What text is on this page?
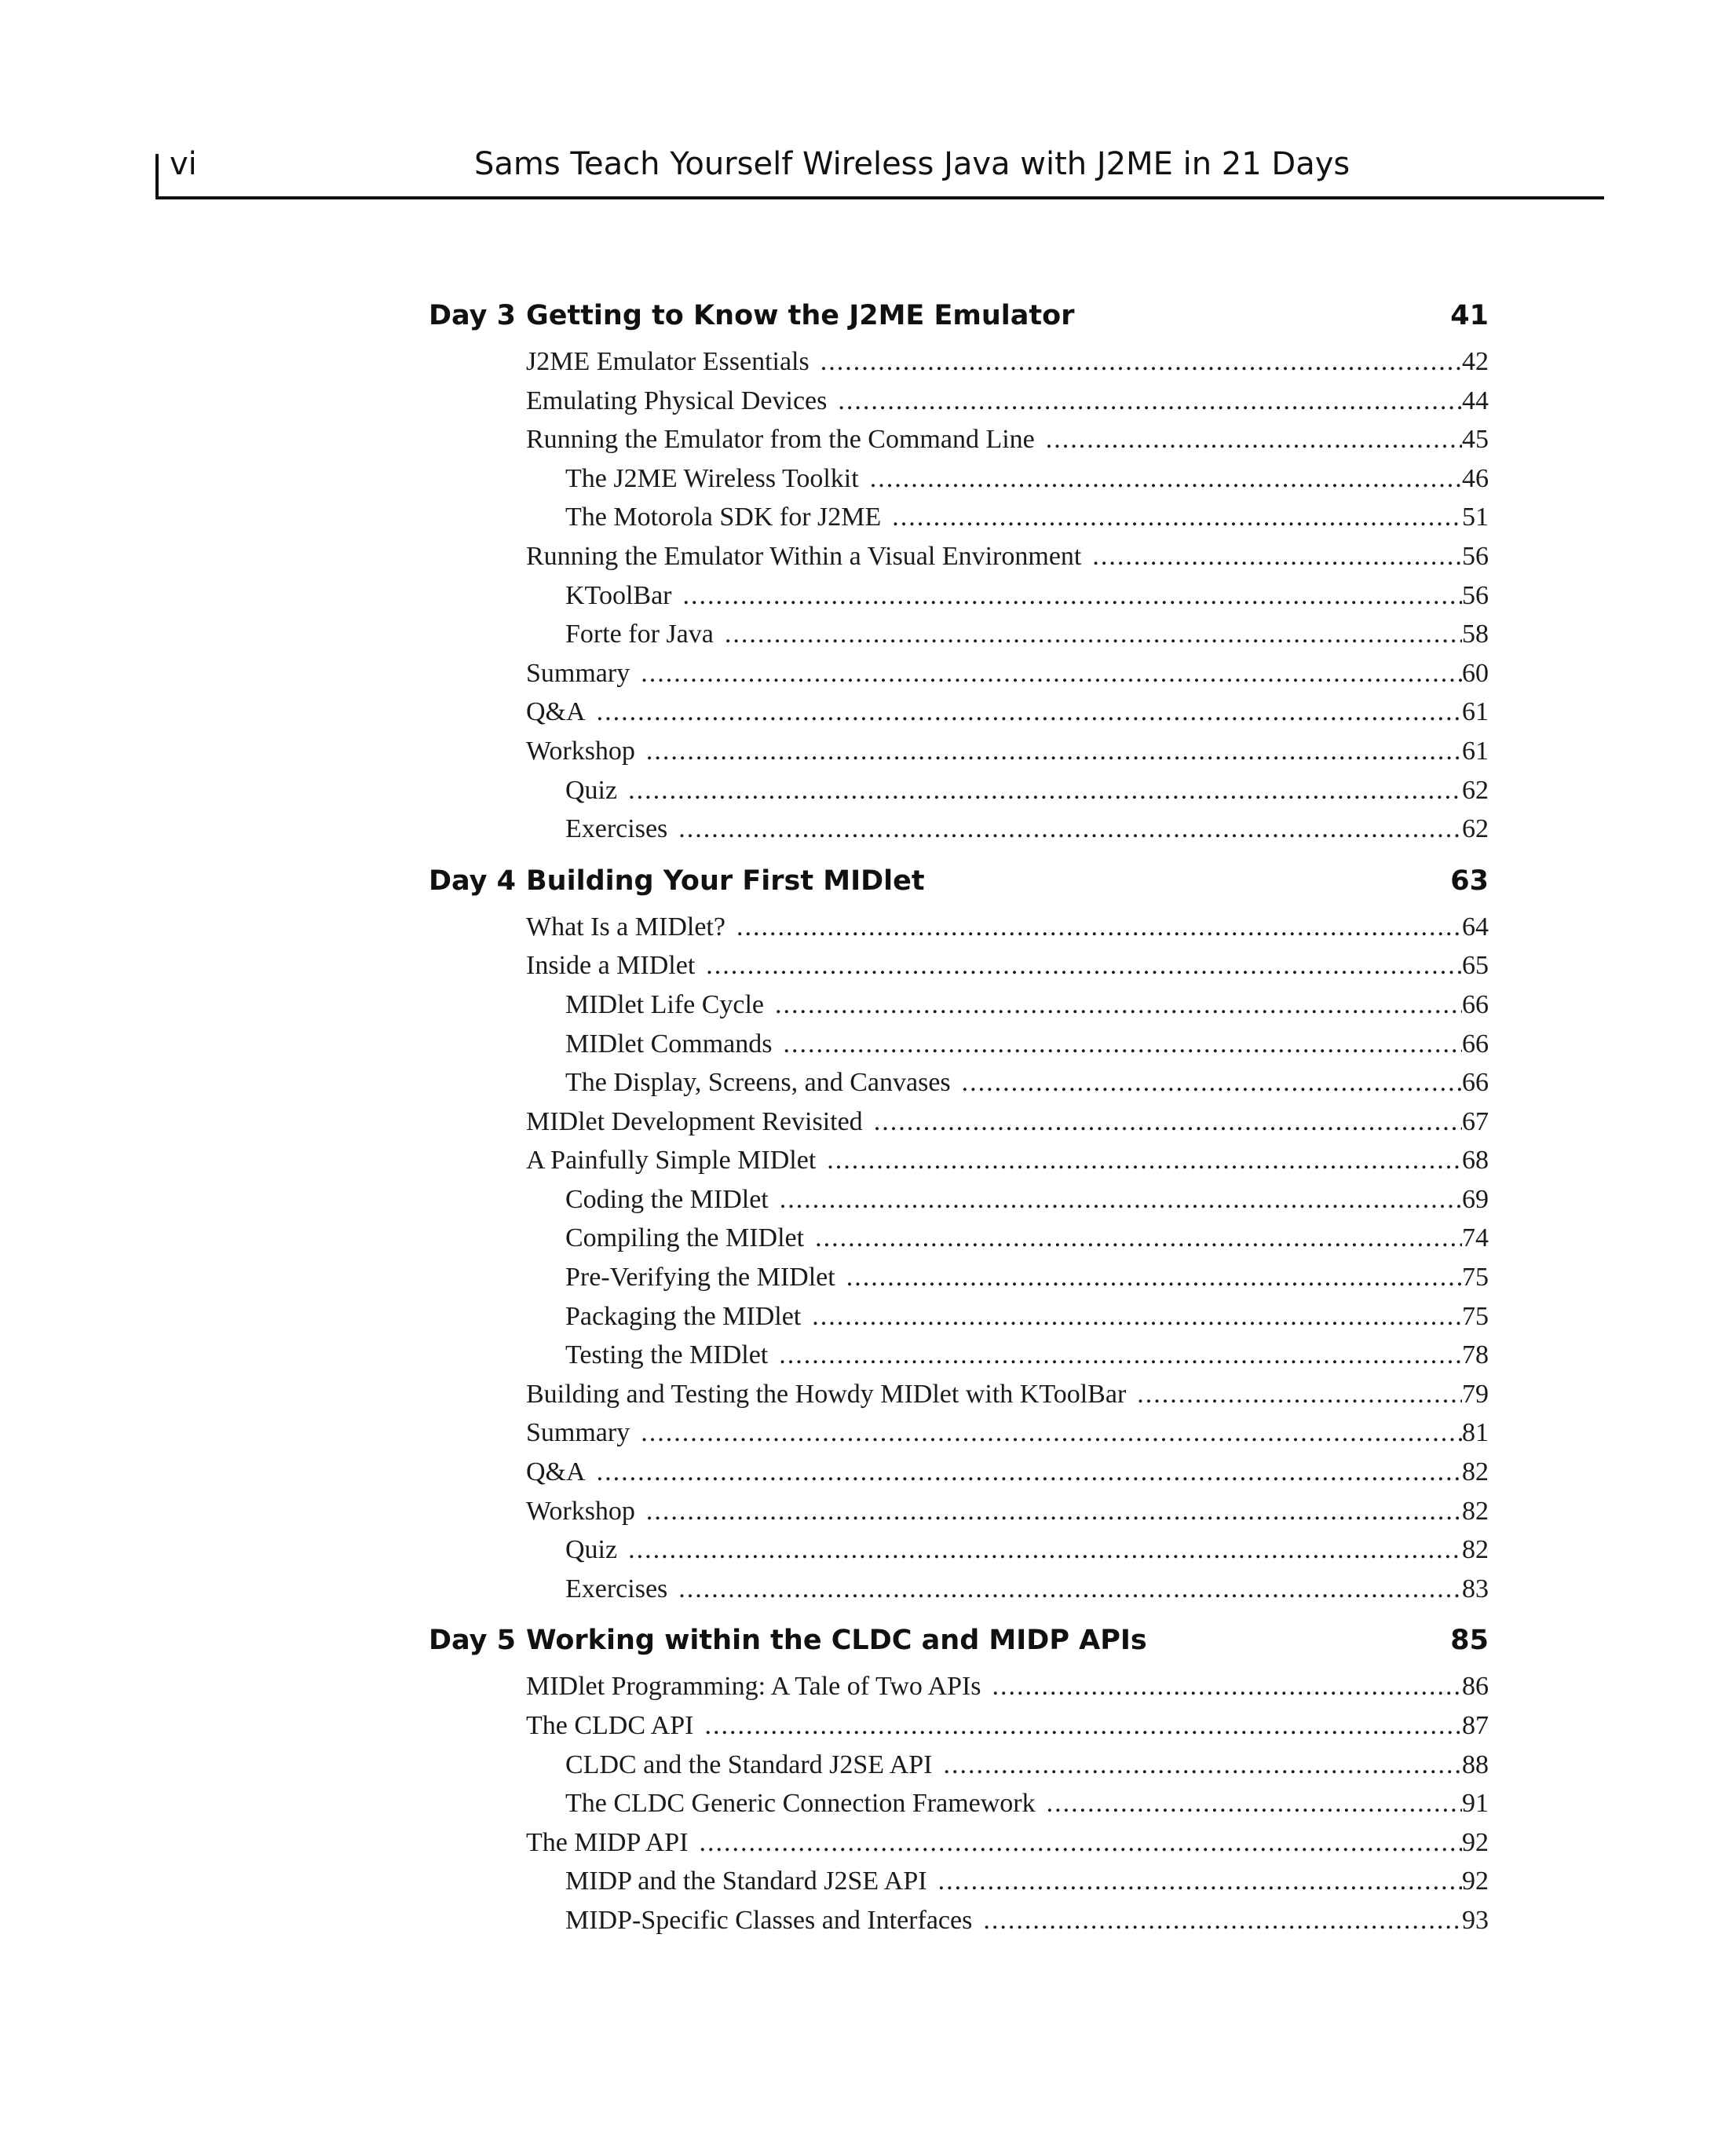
vi	Sams Teach Yourself Wireless Java with J2ME in 21 Days
Day 3 Getting to Know the J2ME Emulator	41
J2ME Emulator Essentials .....	42
Emulating Physical Devices .....	44
Running the Emulator from the Command Line .....	45
The J2ME Wireless Toolkit .....	46
The Motorola SDK for J2ME .....	51
Running the Emulator Within a Visual Environment .....	56
KToolBar .....	56
Forte for Java .....	58
Summary .....	60
Q&A .....	61
Workshop .....	61
Quiz .....	62
Exercises .....	62
Day 4 Building Your First MIDlet	63
What Is a MIDlet? .....	64
Inside a MIDlet .....	65
MIDlet Life Cycle .....	66
MIDlet Commands .....	66
The Display, Screens, and Canvases .....	66
MIDlet Development Revisited .....	67
A Painfully Simple MIDlet .....	68
Coding the MIDlet .....	69
Compiling the MIDlet .....	74
Pre-Verifying the MIDlet .....	75
Packaging the MIDlet .....	75
Testing the MIDlet .....	78
Building and Testing the Howdy MIDlet with KToolBar .....	79
Summary .....	81
Q&A .....	82
Workshop .....	82
Quiz .....	82
Exercises .....	83
Day 5 Working within the CLDC and MIDP APIs	85
MIDlet Programming: A Tale of Two APIs .....	86
The CLDC API .....	87
CLDC and the Standard J2SE API .....	88
The CLDC Generic Connection Framework .....	91
The MIDP API .....	92
MIDP and the Standard J2SE API .....	92
MIDP-Specific Classes and Interfaces .....	93
